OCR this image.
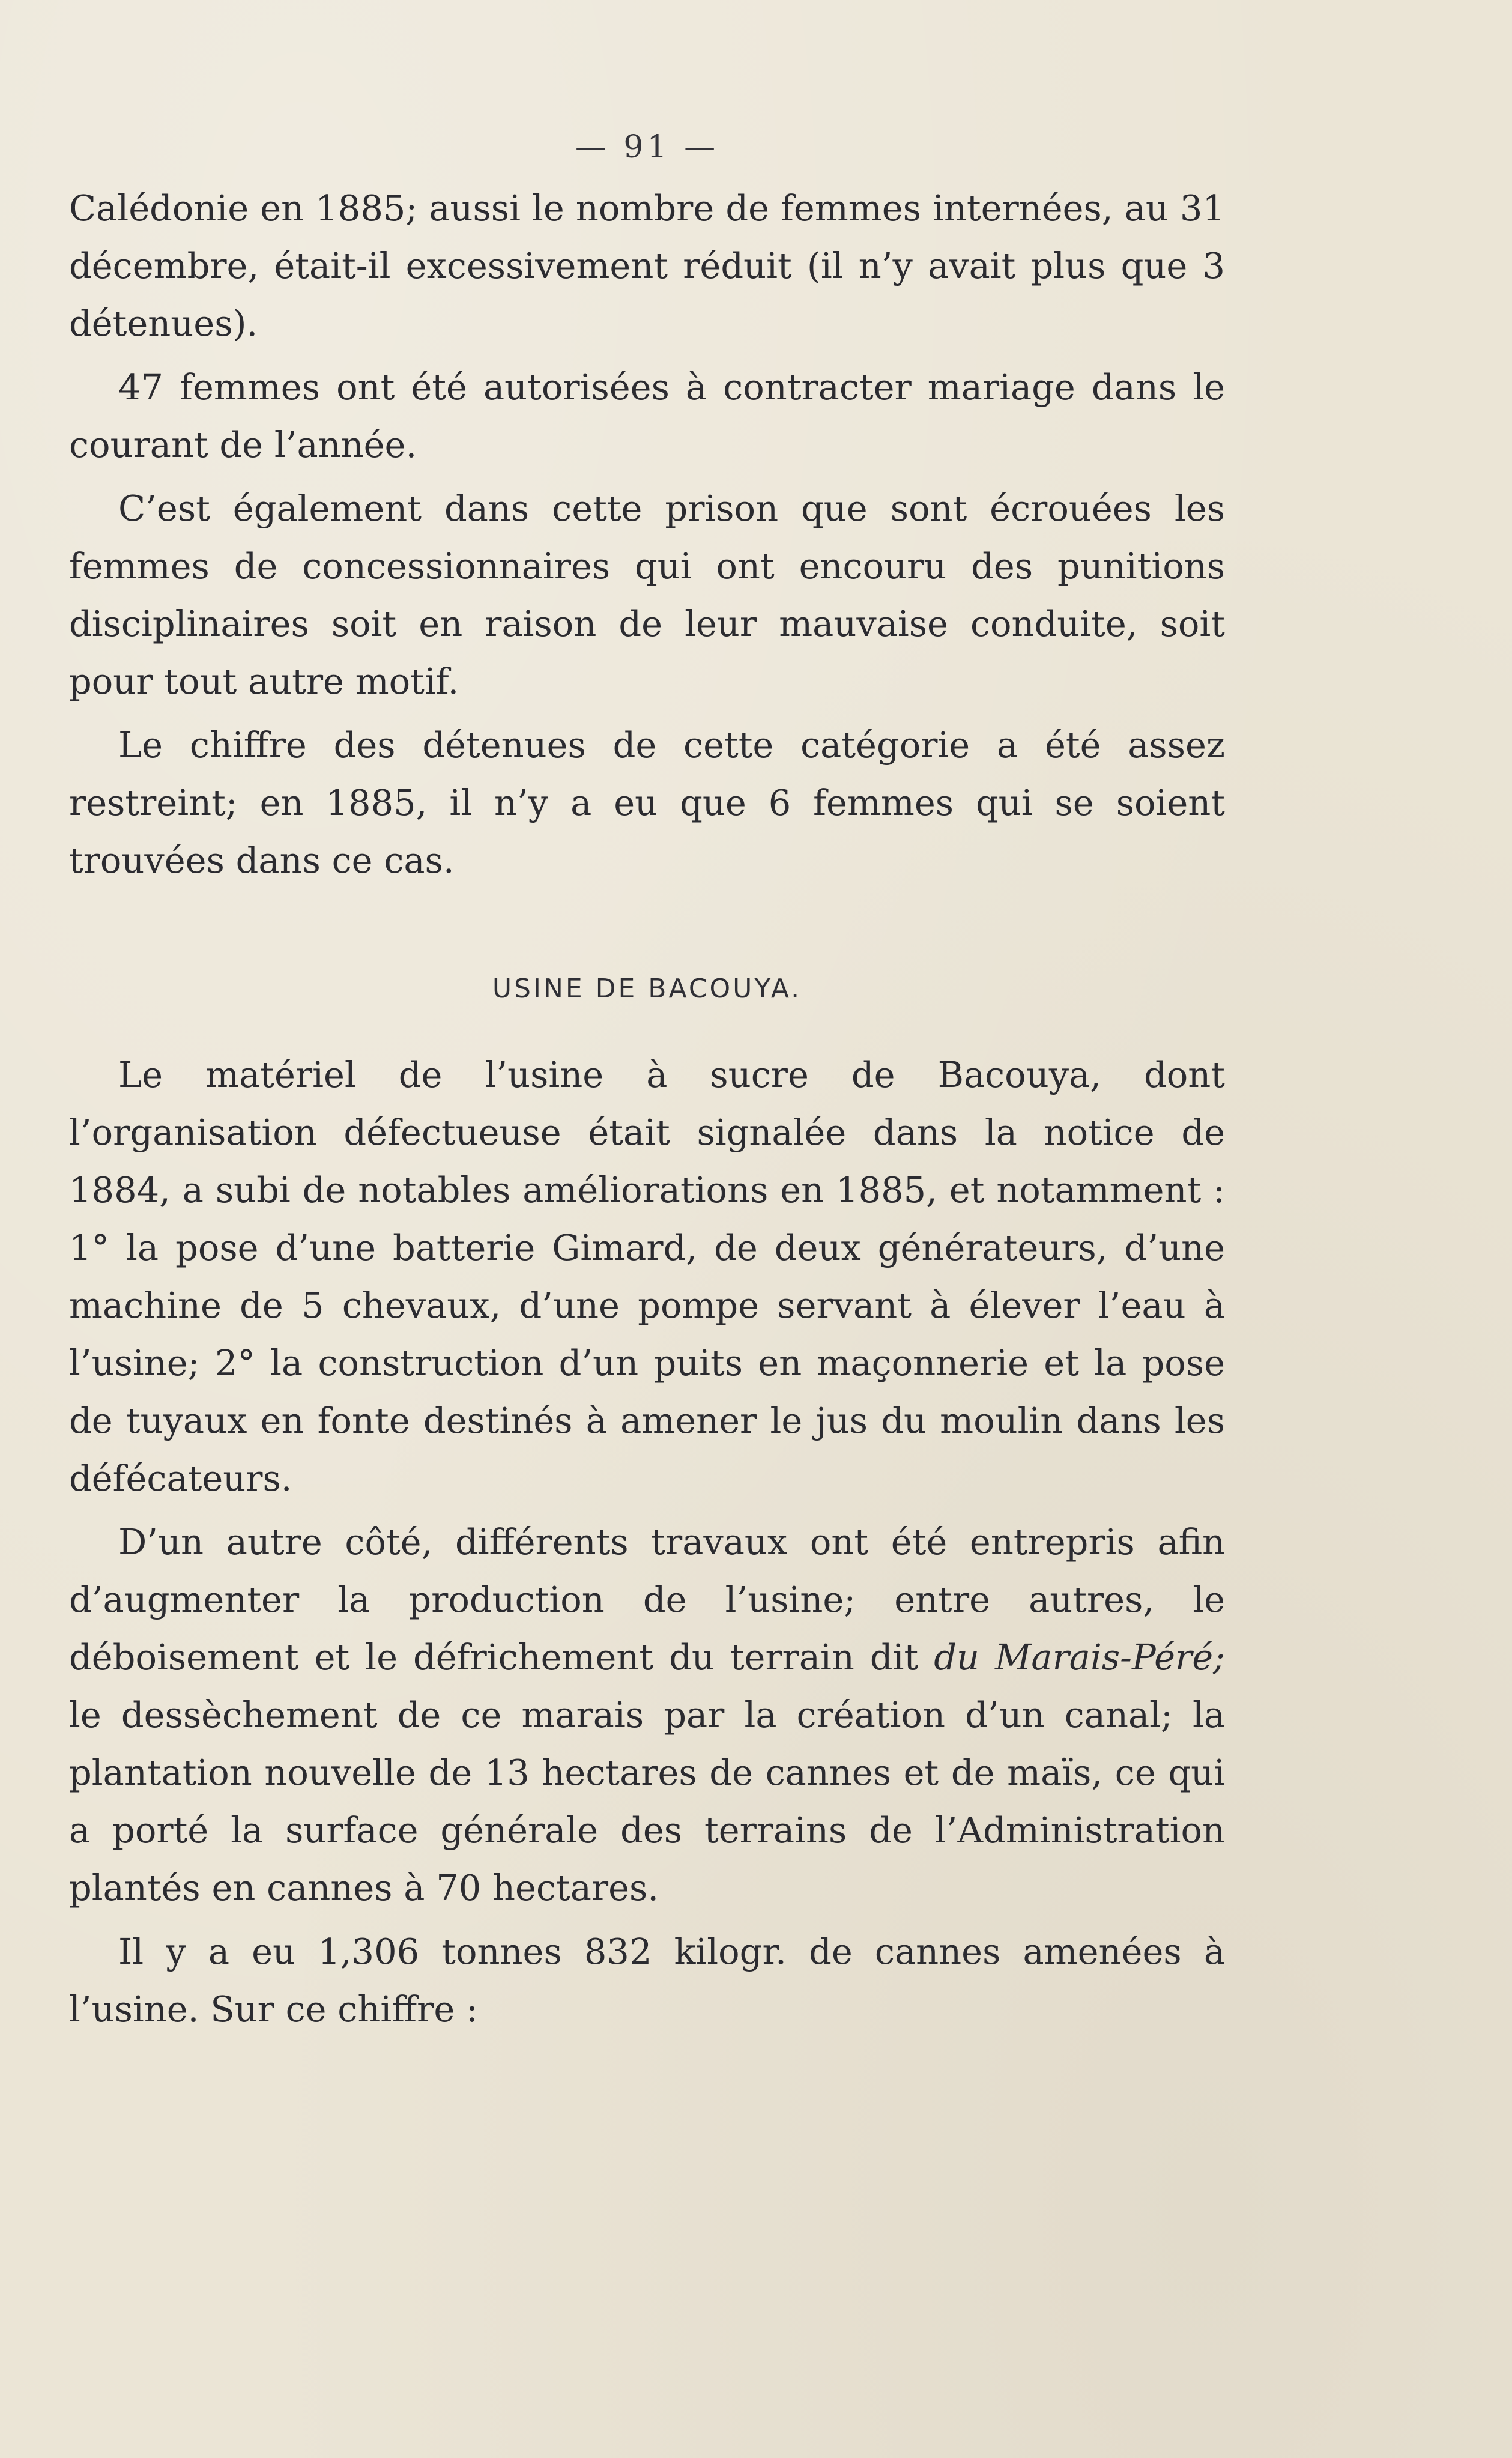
— 91 —

Calédonie en 1885; aussi le nombre de femmes internées, au 31 décembre, était-il excessivement réduit (il n’y avait plus que 3 détenues).

47 femmes ont été autorisées à contracter mariage dans le courant de l’année.

C’est également dans cette prison que sont écrouées les femmes de concessionnaires qui ont encouru des punitions disciplinaires soit en raison de leur mauvaise conduite, soit pour tout autre motif.

Le chiffre des détenues de cette catégorie a été assez restreint; en 1885, il n’y a eu que 6 femmes qui se soient trouvées dans ce cas.

USINE DE BACOUYA.

Le matériel de l’usine à sucre de Bacouya, dont l’organisation défectueuse était signalée dans la notice de 1884, a subi de notables améliorations en 1885, et notamment : 1° la pose d’une batterie Gimard, de deux générateurs, d’une machine de 5 chevaux, d’une pompe servant à élever l’eau à l’usine; 2° la construction d’un puits en maçonnerie et la pose de tuyaux en fonte destinés à amener le jus du moulin dans les défécateurs.

D’un autre côté, différents travaux ont été entrepris afin d’augmenter la production de l’usine; entre autres, le déboisement et le défrichement du terrain dit du Marais-Péré; le dessèchement de ce marais par la création d’un canal; la plantation nouvelle de 13 hectares de cannes et de maïs, ce qui a porté la surface générale des terrains de l’Administration plantés en cannes à 70 hectares.

Il y a eu 1,306 tonnes 832 kilogr. de cannes amenées à l’usine. Sur ce chiffre :
